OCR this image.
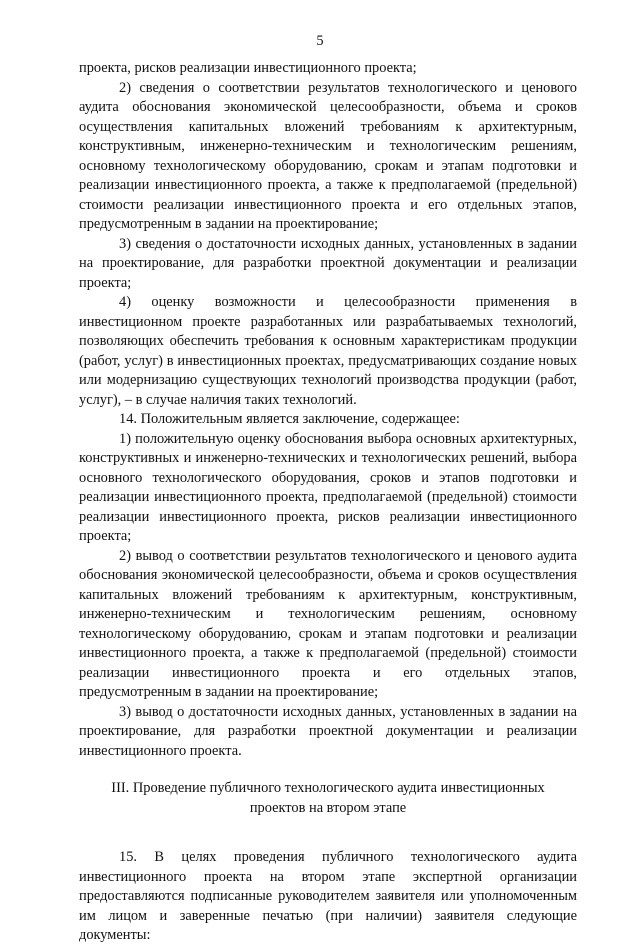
5

проекта, рисков реализации инвестиционного проекта;

2) сведения о соответствии результатов технологического и ценового аудита обоснования экономической целесообразности, объема и сроков осуществления капитальных вложений требованиям к архитектурным, конструктивным, инженерно-техническим и технологическим решениям, основному технологическому оборудованию, срокам и этапам подготовки и реализации инвестиционного проекта, а также к предполагаемой (предельной) стоимости реализации инвестиционного проекта и его отдельных этапов, предусмотренным в задании на проектирование;

3) сведения о достаточности исходных данных, установленных в задании на проектирование, для разработки проектной документации и реализации проекта;

4) оценку возможности и целесообразности применения в инвестиционном проекте разработанных или разрабатываемых технологий, позволяющих обеспечить требования к основным характеристикам продукции (работ, услуг) в инвестиционных проектах, предусматривающих создание новых или модернизацию существующих технологий производства продукции (работ, услуг), – в случае наличия таких технологий.

14. Положительным является заключение, содержащее:

1) положительную оценку обоснования выбора основных архитектурных, конструктивных и инженерно-технических и технологических решений, выбора основного технологического оборудования, сроков и этапов подготовки и реализации инвестиционного проекта, предполагаемой (предельной) стоимости реализации инвестиционного проекта, рисков реализации инвестиционного проекта;

2) вывод о соответствии результатов технологического и ценового аудита обоснования экономической целесообразности, объема и сроков осуществления капитальных вложений требованиям к архитектурным, конструктивным, инженерно-техническим и технологическим решениям, основному технологическому оборудованию, срокам и этапам подготовки и реализации инвестиционного проекта, а также к предполагаемой (предельной) стоимости реализации инвестиционного проекта и его отдельных этапов, предусмотренным в задании на проектирование;

3) вывод о достаточности исходных данных, установленных в задании на проектирование, для разработки проектной документации и реализации инвестиционного проекта.

III. Проведение публичного технологического аудита инвестиционных

проектов на втором этапе

15. В целях проведения публичного технологического аудита инвестиционного проекта на втором этапе экспертной организации предоставляются подписанные руководителем заявителя или уполномоченным им лицом и заверенные печатью (при наличии) заявителя следующие документы:
